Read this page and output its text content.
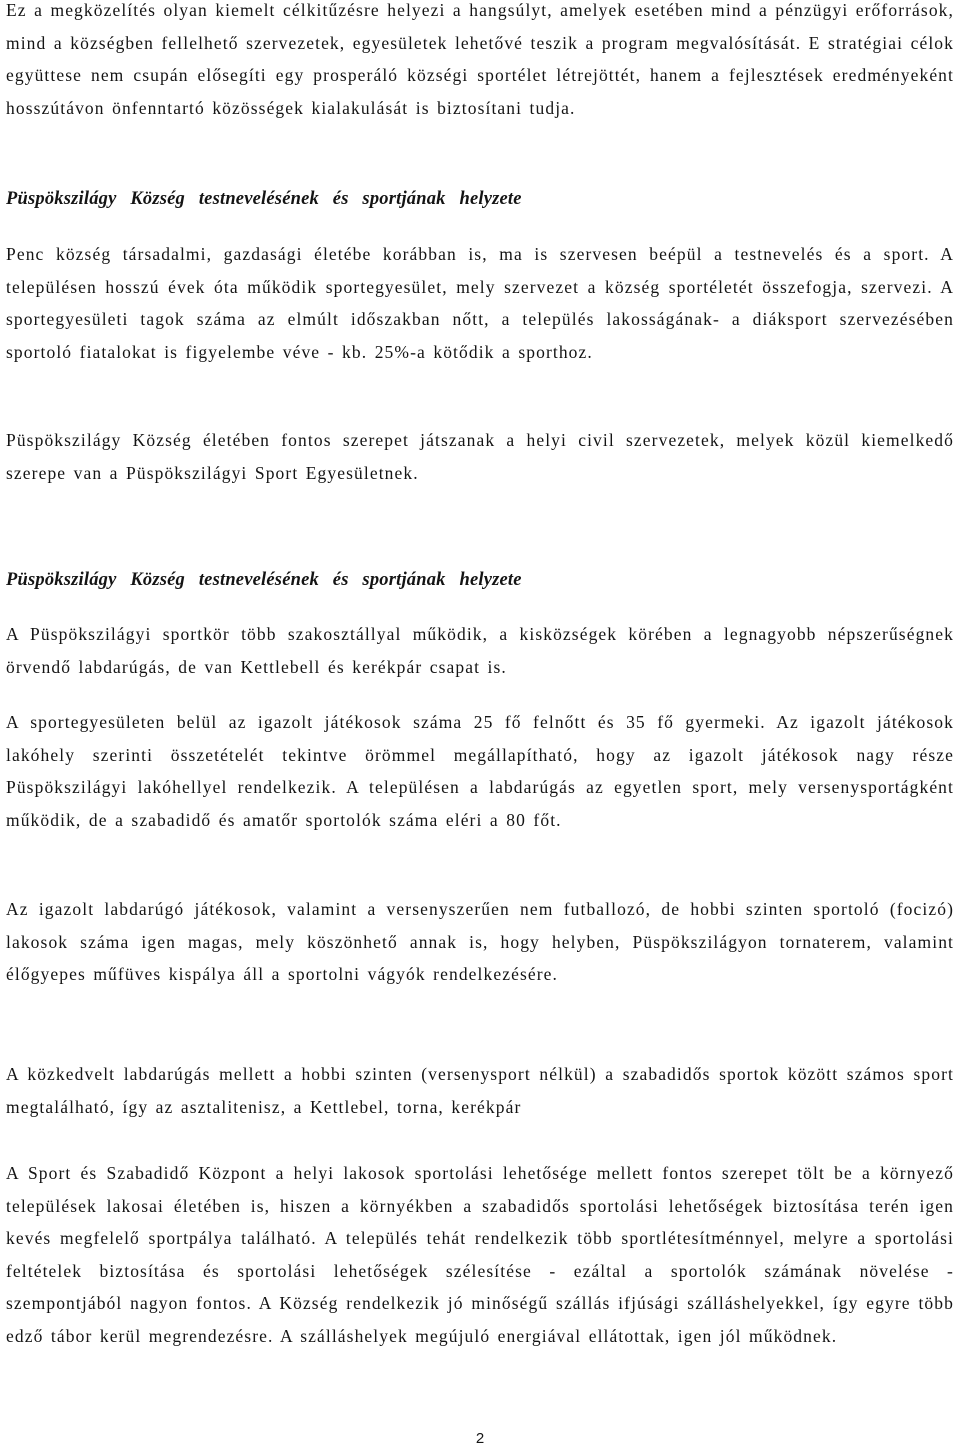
Ez a megközelítés olyan kiemelt célkitűzésre helyezi a hangsúlyt, amelyek esetében mind a pénzügyi erőforrások, mind a községben fellelhető szervezetek, egyesületek lehetővé teszik a program megvalósítását. E stratégiai célok együttese nem csupán elősegíti egy prosperáló községi sportélet létrejöttét, hanem a fejlesztések eredményeként hosszútávon önfenntartó közösségek kialakulását is biztosítani tudja.

Püspökszilágy Község testnevelésének és sportjának helyzete

Penc község társadalmi, gazdasági életébe korábban is, ma is szervesen beépül a testnevelés és a sport. A településen hosszú évek óta működik sportegyesület, mely szervezet a község sportéletét összefogja, szervezi. A sportegyesületi tagok száma az elmúlt időszakban nőtt, a település lakosságának- a diáksport szervezésében sportoló fiatalokat is figyelembe véve - kb. 25%-a kötődik a sporthoz.

Püspökszilágy Község életében fontos szerepet játszanak a helyi civil szervezetek, melyek közül kiemelkedő szerepe van a Püspökszilágyi Sport Egyesületnek.

Püspökszilágy Község testnevelésének és sportjának helyzete

A Püspökszilágyi sportkör több szakosztállyal működik, a kisközségek körében a legnagyobb népszerűségnek örvendő labdarúgás, de van Kettlebell és kerékpár csapat is.

A sportegyesületen belül az igazolt játékosok száma 25 fő felnőtt és 35 fő gyermeki. Az igazolt játékosok lakóhely szerinti összetételét tekintve örömmel megállapítható, hogy az igazolt játékosok nagy része Püspökszilágyi lakóhellyel rendelkezik. A településen a labdarúgás az egyetlen sport, mely versenysportágként működik, de a szabadidő és amatőr sportolók száma eléri a 80 főt.

Az igazolt labdarúgó játékosok, valamint a versenyszerűen nem futballozó, de hobbi szinten sportoló (focizó) lakosok száma igen magas, mely köszönhető annak is, hogy helyben, Püspökszilágyon tornaterem, valamint élőgyepes műfüves kispálya áll a sportolni vágyók rendelkezésére.

A közkedvelt labdarúgás mellett a hobbi szinten (versenysport nélkül) a szabadidős sportok között számos sport megtalálható, így az asztalitenisz, a Kettlebel, torna, kerékpár

A Sport és Szabadidő Központ a helyi lakosok sportolási lehetősége mellett fontos szerepet tölt be a környező települések lakosai életében is, hiszen a környékben a szabadidős sportolási lehetőségek biztosítása terén igen kevés megfelelő sportpálya található. A település tehát rendelkezik több sportlétesítménnyel, melyre a sportolási feltételek biztosítása és sportolási lehetőségek szélesítése - ezáltal a sportolók számának növelése - szempontjából nagyon fontos. A Község rendelkezik jó minőségű szállás ifjúsági szálláshelyekkel, így egyre több edző tábor kerül megrendezésre. A szálláshelyek megújuló energiával ellátottak, igen jól működnek.

2
